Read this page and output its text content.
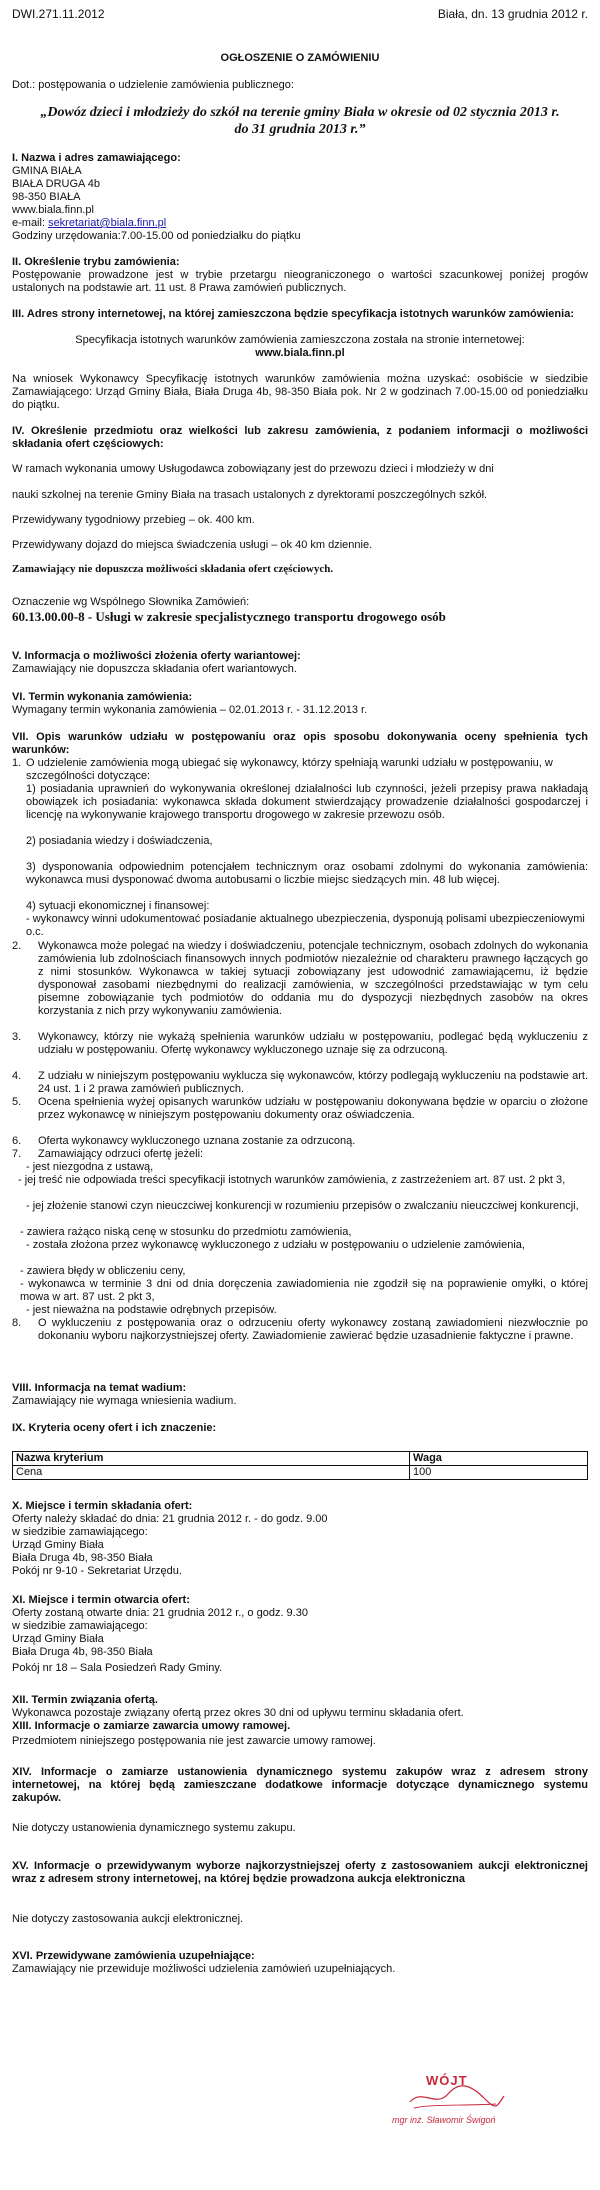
DWI.271.11.2012	Biała, dn. 13 grudnia 2012 r.

OGŁOSZENIE O ZAMÓWIENIU

Dot.: postępowania o udzielenie zamówienia publicznego:

„Dowóz dzieci i młodzieży do szkół na terenie gminy Biała w okresie od 02 stycznia 2013 r. do 31 grudnia 2013 r.”

I. Nazwa i adres zamawiającego:

GMINA BIAŁA

BIAŁA DRUGA 4b

98-350 BIAŁA

www.biala.finn.pl

e-mail: sekretariat@biala.finn.pl

Godziny urzędowania:7.00-15.00 od poniedziałku do piątku

II. Określenie trybu zamówienia:

Postępowanie prowadzone jest w trybie przetargu nieograniczonego o wartości szacunkowej poniżej progów ustalonych na podstawie art. 11 ust. 8 Prawa zamówień publicznych.

III. Adres strony internetowej, na której zamieszczona będzie specyfikacja istotnych warunków zamówienia:

Specyfikacja istotnych warunków zamówienia zamieszczona została na stronie internetowej:

www.biala.finn.pl

Na wniosek Wykonawcy Specyfikację istotnych warunków zamówienia można uzyskać: osobiście w siedzibie Zamawiającego: Urząd Gminy Biała, Biała Druga 4b, 98-350 Biała pok. Nr 2 w godzinach 7.00-15.00 od poniedziałku do piątku.

IV. Określenie przedmiotu oraz wielkości lub zakresu zamówienia, z podaniem informacji o możliwości składania ofert częściowych:

W ramach wykonania umowy Usługodawca zobowiązany jest do przewozu dzieci i młodzieży w dni

nauki szkolnej na terenie Gminy Biała na trasach ustalonych z dyrektorami poszczególnych szkół.

Przewidywany tygodniowy przebieg – ok. 400 km.

Przewidywany dojazd do miejsca świadczenia usługi – ok 40 km dziennie.

Zamawiający nie dopuszcza możliwości składania ofert częściowych.

Oznaczenie wg Wspólnego Słownika Zamówień:

60.13.00.00-8 - Usługi w zakresie specjalistycznego transportu drogowego osób

V. Informacja o możliwości złożenia oferty wariantowej:

Zamawiający nie dopuszcza składania ofert wariantowych.

VI. Termin wykonania zamówienia:

Wymagany termin wykonania zamówienia – 02.01.2013 r. - 31.12.2013 r.

VII. Opis warunków udziału w postępowaniu oraz opis sposobu dokonywania oceny spełnienia tych warunków:

1. O udzielenie zamówienia mogą ubiegać się wykonawcy, którzy spełniają warunki udziału w postępowaniu, w szczególności dotyczące:

1) posiadania uprawnień do wykonywania określonej działalności lub czynności, jeżeli przepisy prawa nakładają obowiązek ich posiadania: wykonawca składa dokument stwierdzający prowadzenie działalności gospodarczej i licencję na wykonywanie krajowego transportu drogowego w zakresie przewozu osób.

2) posiadania wiedzy i doświadczenia,

3) dysponowania odpowiednim potencjałem technicznym oraz osobami zdolnymi do wykonania zamówienia: wykonawca musi dysponować dwoma autobusami o liczbie miejsc siedzących min. 48 lub więcej.

4) sytuacji ekonomicznej i finansowej:

- wykonawcy winni udokumentować posiadanie aktualnego ubezpieczenia, dysponują polisami ubezpieczeniowymi o.c.

2. Wykonawca może polegać na wiedzy i doświadczeniu, potencjale technicznym, osobach zdolnych do wykonania zamówienia lub zdolnościach finansowych innych podmiotów niezależnie od charakteru prawnego łączących go z nimi stosunków. Wykonawca w takiej sytuacji zobowiązany jest udowodnić zamawiającemu, iż będzie dysponował zasobami niezbędnymi do realizacji zamówienia, w szczególności przedstawiając w tym celu pisemne zobowiązanie tych podmiotów do oddania mu do dyspozycji niezbędnych zasobów na okres korzystania z nich przy wykonywaniu zamówienia.

3. Wykonawcy, którzy nie wykażą spełnienia warunków udziału w postępowaniu, podlegać będą wykluczeniu z udziału w postępowaniu. Ofertę wykonawcy wykluczonego uznaje się za odrzuconą.

4. Z udziału w niniejszym postępowaniu wyklucza się wykonawców, którzy podlegają wykluczeniu na podstawie art. 24 ust. 1 i 2 prawa zamówień publicznych.

5. Ocena spełnienia wyżej opisanych warunków udziału w postępowaniu dokonywana będzie w oparciu o złożone przez wykonawcę w niniejszym postępowaniu dokumenty oraz oświadczenia.

6. Oferta wykonawcy wykluczonego uznana zostanie za odrzuconą.

7. Zamawiający odrzuci ofertę jeżeli:

- jest niezgodna z ustawą,

- jej treść nie odpowiada treści specyfikacji istotnych warunków zamówienia, z zastrzeżeniem art. 87 ust. 2 pkt 3,

- jej złożenie stanowi czyn nieuczciwej konkurencji w rozumieniu przepisów o zwalczaniu nieuczciwej konkurencji,

- zawiera rażąco niską cenę w stosunku do przedmiotu zamówienia,

- została złożona przez wykonawcę wykluczonego z udziału w postępowaniu o udzielenie zamówienia,

- zawiera błędy w obliczeniu ceny,

- wykonawca w terminie 3 dni od dnia doręczenia zawiadomienia nie zgodził się na poprawienie omyłki, o której mowa w art. 87 ust. 2 pkt 3,

- jest nieważna na podstawie odrębnych przepisów.

8. O wykluczeniu z postępowania oraz o odrzuceniu oferty wykonawcy zostaną zawiadomieni niezwłocznie po dokonaniu wyboru najkorzystniejszej oferty. Zawiadomienie zawierać będzie uzasadnienie faktyczne i prawne.

VIII. Informacja na temat wadium:

Zamawiający nie wymaga wniesienia wadium.

IX. Kryteria oceny ofert i ich znaczenie:

Nazwa kryterium	Waga
Cena	100

X. Miejsce i termin składania ofert:

Oferty należy składać do dnia: 21 grudnia 2012 r. - do godz. 9.00

w siedzibie zamawiającego:

Urząd Gminy Biała

Biała Druga 4b, 98-350 Biała

Pokój nr 9-10 - Sekretariat Urzędu.

XI. Miejsce i termin otwarcia ofert:

Oferty zostaną otwarte dnia: 21 grudnia 2012 r., o godz. 9.30

w siedzibie zamawiającego:

Urząd Gminy Biała

Biała Druga 4b, 98-350 Biała

Pokój nr 18 – Sala Posiedzeń Rady Gminy.

XII. Termin związania ofertą.

Wykonawca pozostaje związany ofertą przez okres 30 dni od upływu terminu składania ofert.

XIII. Informacje o zamiarze zawarcia umowy ramowej.

Przedmiotem niniejszego postępowania nie jest zawarcie umowy ramowej.

XIV. Informacje o zamiarze ustanowienia dynamicznego systemu zakupów wraz z adresem strony internetowej, na której będą zamieszczane dodatkowe informacje dotyczące dynamicznego systemu zakupów.

Nie dotyczy ustanowienia dynamicznego systemu zakupu.

XV. Informacje o przewidywanym wyborze najkorzystniejszej oferty z zastosowaniem aukcji elektronicznej wraz z adresem strony internetowej, na której będzie prowadzona aukcja elektroniczna

Nie dotyczy zastosowania aukcji elektronicznej.

XVI. Przewidywane zamówienia uzupełniające:

Zamawiający nie przewiduje możliwości udzielenia zamówień uzupełniających.

WÓJT
mgr inż. Sławomir Świgoń
